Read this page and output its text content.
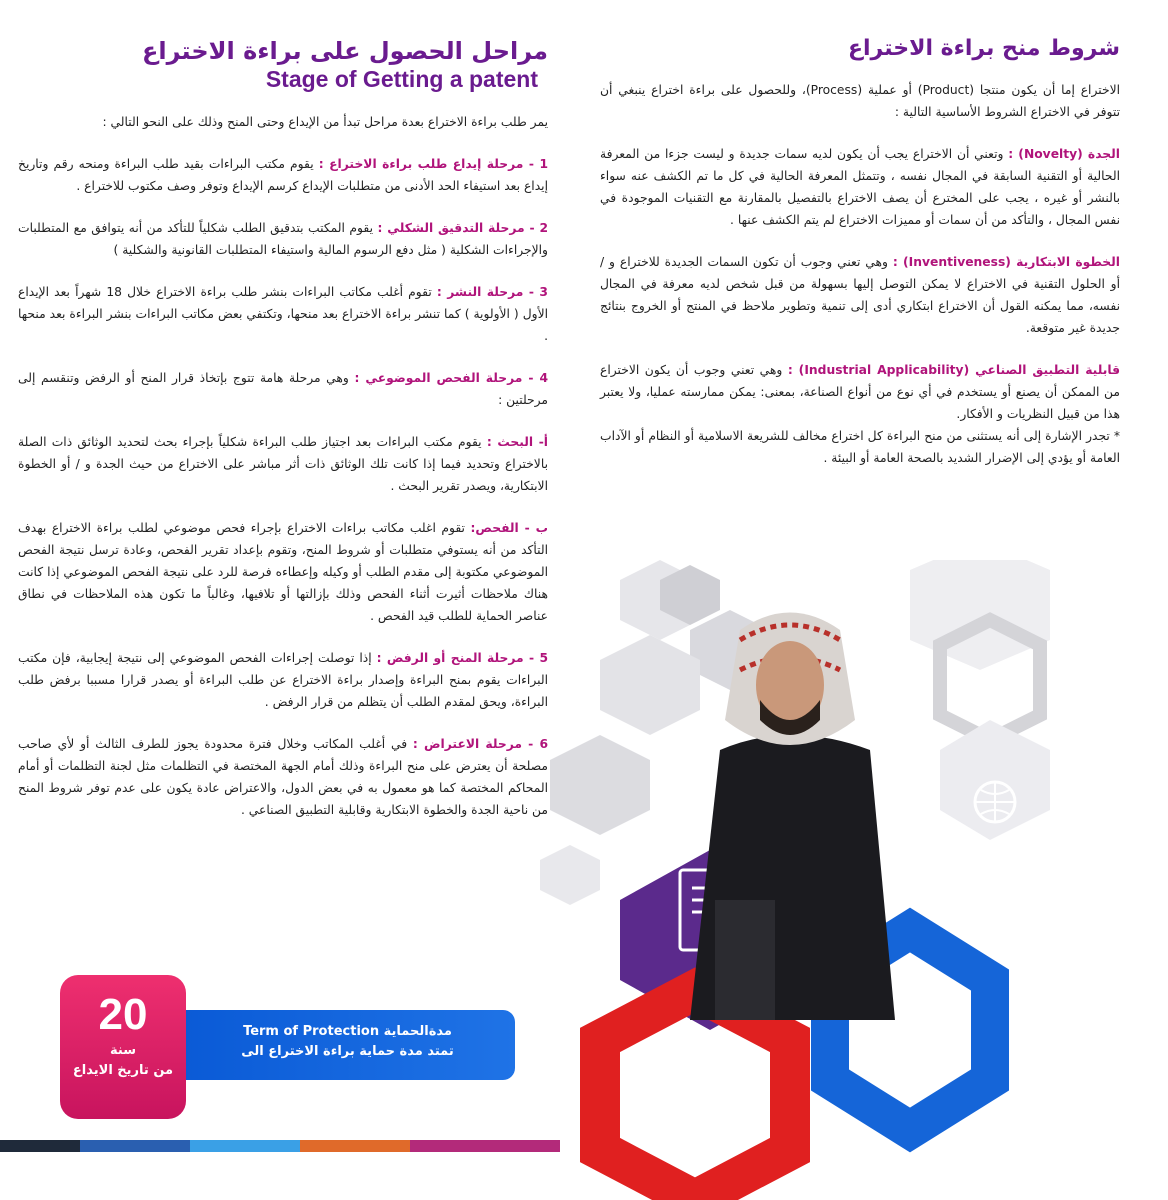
مراحل الحصول على براءة الاختراع
Stage of Getting a patent

يمر طلب براءة الاختراع بعدة مراحل تبدأ من الإيداع وحتى المنح وذلك على النحو التالي :

1 - مرحلة إيداع طلب براءة الاختراع : يقوم مكتب البراءات بقيد طلب البراءة ومنحه رقم وتاريخ إيداع بعد استيفاء الحد الأدنى من متطلبات الإيداع كرسم الإيداع وتوفر وصف مكتوب للاختراع .

2 - مرحلة التدقيق الشكلي : يقوم المكتب بتدقيق الطلب شكلياً للتأكد من أنه يتوافق مع المتطلبات والإجراءات الشكلية ( مثل دفع الرسوم المالية واستيفاء المتطلبات القانونية والشكلية )

3 - مرحلة النشر : تقوم أغلب مكاتب البراءات بنشر طلب براءة الاختراع خلال 18 شهراً بعد الإيداع الأول ( الأولوية ) كما تنشر براءة الاختراع بعد منحها، وتكتفي بعض مكاتب البراءات بنشر البراءة بعد منحها .

4 - مرحلة الفحص الموضوعي : وهي مرحلة هامة تتوج بإتخاذ قرار المنح أو الرفض وتنقسم إلى مرحلتين :

أ- البحث : يقوم مكتب البراءات بعد اجتياز طلب البراءة شكلياً بإجراء بحث لتحديد الوثائق ذات الصلة بالاختراع وتحديد فيما إذا كانت تلك الوثائق ذات أثر مباشر على الاختراع من حيث الجدة و / أو الخطوة الابتكارية، ويصدر تقرير البحث .

ب - الفحص: تقوم اغلب مكاتب براءات الاختراع بإجراء فحص موضوعي لطلب براءة الاختراع بهدف التأكد من أنه يستوفي متطلبات أو شروط المنح، وتقوم بإعداد تقرير الفحص، وعادة ترسل نتيجة الفحص الموضوعي مكتوبة إلى مقدم الطلب أو وكيله وإعطاءه فرصة للرد على نتيجة الفحص الموضوعي إذا كانت هناك ملاحظات أثيرت أثناء الفحص وذلك بإزالتها أو تلافيها، وغالباً ما تكون هذه الملاحظات في نطاق عناصر الحماية للطلب قيد الفحص .

5 - مرحلة المنح أو الرفض : إذا توصلت إجراءات الفحص الموضوعي إلى نتيجة إيجابية، فإن مكتب البراءات يقوم بمنح البراءة وإصدار براءة الاختراع عن طلب البراءة أو يصدر قرارا مسببا برفض طلب البراءة، ويحق لمقدم الطلب أن يتظلم من قرار الرفض .

6 - مرحلة الاعتراض : في أغلب المكاتب وخلال فترة محدودة يجوز للطرف الثالث أو لأي صاحب مصلحة أن يعترض على منح البراءة وذلك أمام الجهة المختصة في التظلمات مثل لجنة التظلمات أو أمام المحاكم المختصة كما هو معمول به في بعض الدول، والاعتراض عادة يكون على عدم توفر شروط المنح من ناحية الجدة والخطوة الابتكارية وقابلية التطبيق الصناعي .

شروط منح براءة الاختراع

الاختراع إما أن يكون منتجا (Product) أو عملية (Process)، وللحصول على براءة اختراع ينبغي أن تتوفر في الاختراع الشروط الأساسية التالية :

الجدة (Novelty) : وتعني أن الاختراع يجب أن يكون لديه سمات جديدة و ليست جزءا من المعرفة الحالية أو التقنية السابقة في المجال نفسه ، وتتمثل المعرفة الحالية في كل ما تم الكشف عنه سواء بالنشر أو غيره ، يجب على المخترع أن يصف الاختراع بالتفصيل بالمقارنة مع التقنيات الموجودة في نفس المجال ، والتأكد من أن سمات أو مميزات الاختراع لم يتم الكشف عنها .

الخطوة الابتكارية (Inventiveness) : وهي تعني وجوب أن تكون السمات الجديدة للاختراع و / أو الحلول التقنية في الاختراع لا يمكن التوصل إليها بسهولة من قبل شخص لديه معرفة في المجال نفسه، مما يمكنه القول أن الاختراع ابتكاري أدى إلى تنمية وتطوير ملاحظ في المنتج أو الخروج بنتائج جديدة غير متوقعة.

قابلية التطبيق الصناعي (Industrial Applicability) : وهي تعني وجوب أن يكون الاختراع من الممكن أن يصنع أو يستخدم في أي نوع من أنواع الصناعة، بمعنى: يمكن ممارسته عمليا، ولا يعتبر هذا من قبيل النظريات و الأفكار.

* تجدر الإشارة إلى أنه يستثنى من منح البراءة كل اختراع مخالف للشريعة الاسلامية أو النظام أو الآداب العامة أو يؤدي إلى الإضرار الشديد بالصحة العامة أو البيئة .

مدةالحماية Term of Protection
تمتد مدة حماية براءة الاختراع الى
20
سنة
من تاريخ الايداع
